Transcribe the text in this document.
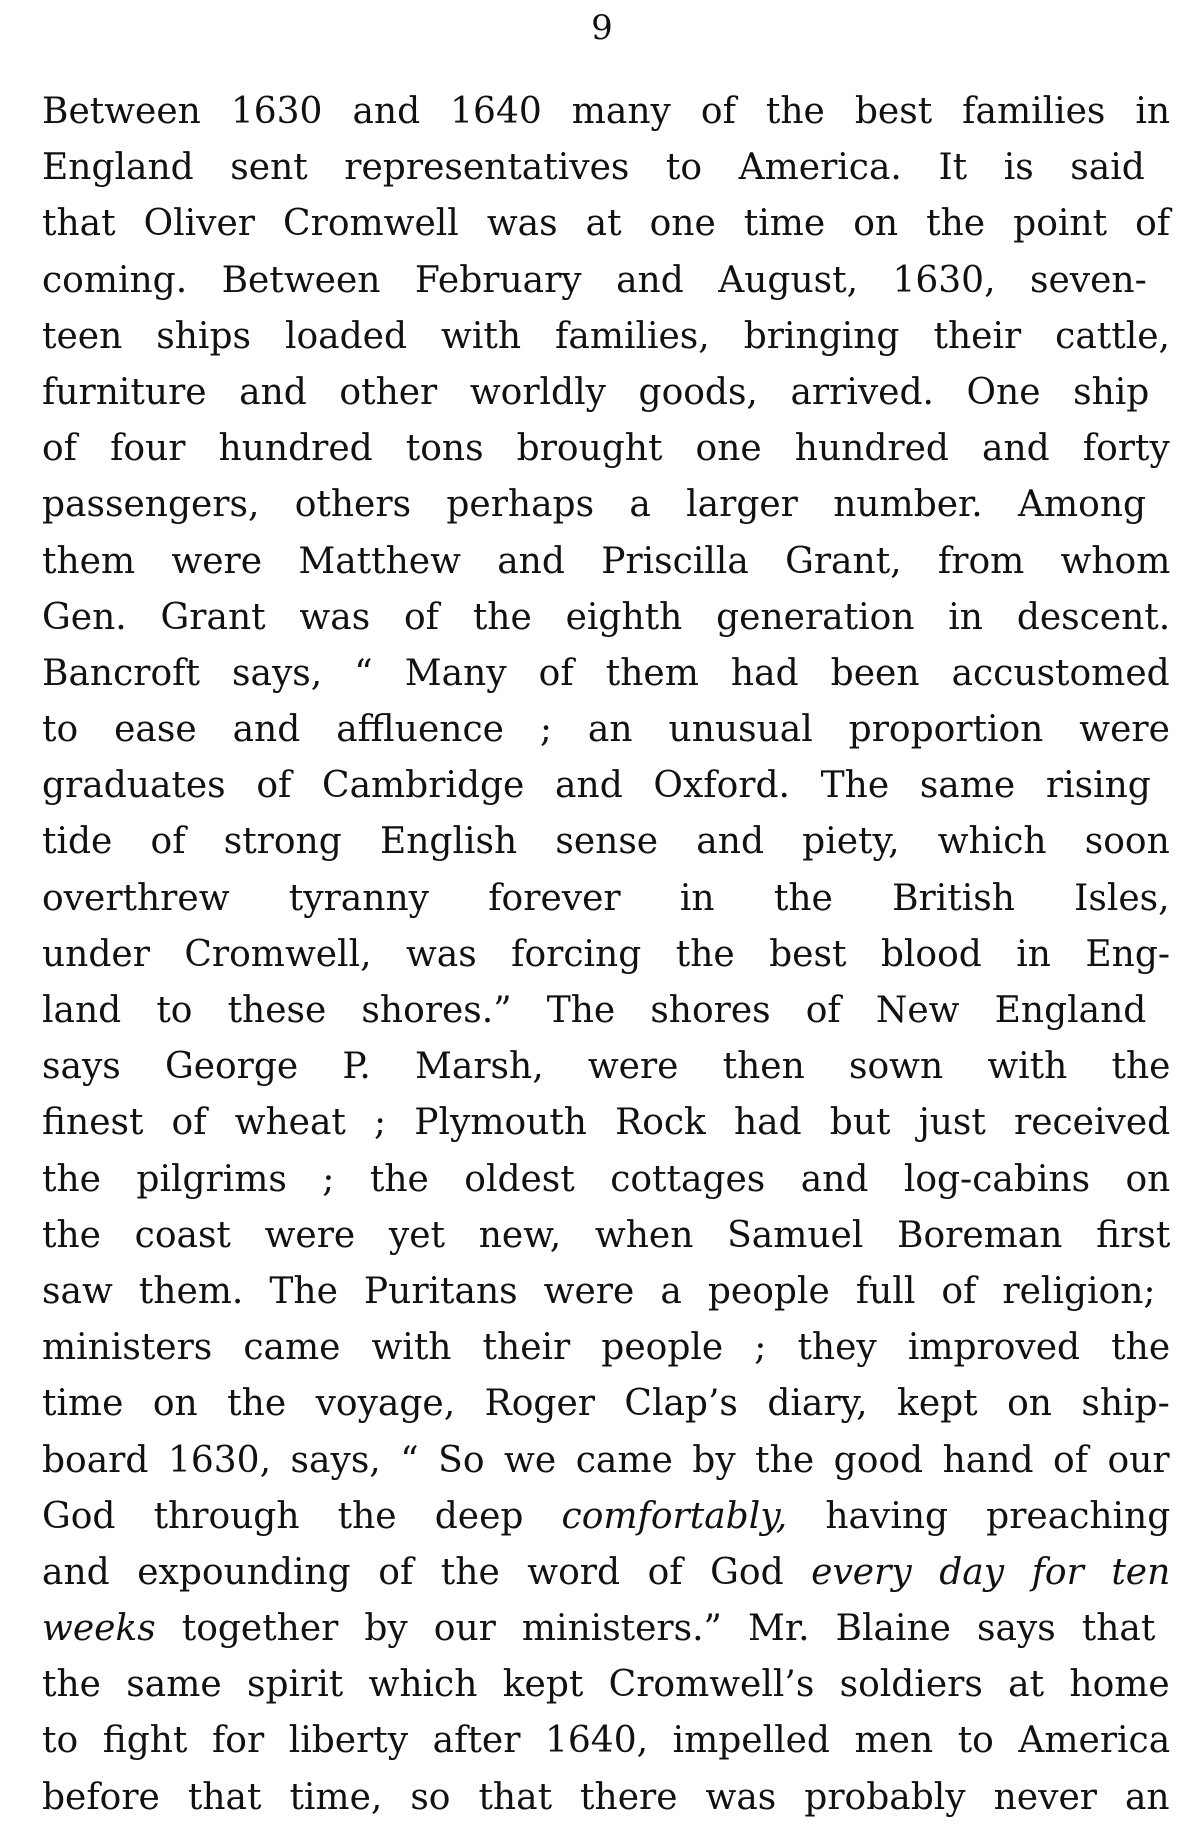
9
Between 1630 and 1640 many of the best families in
England sent representatives to America. It is said
that Oliver Cromwell was at one time on the point of
coming. Between February and August, 1630, seven-
teen ships loaded with families, bringing their cattle,
furniture and other worldly goods, arrived. One ship
of four hundred tons brought one hundred and forty
passengers, others perhaps a larger number. Among
them were Matthew and Priscilla Grant, from whom
Gen. Grant was of the eighth generation in descent.
Bancroft says, “ Many of them had been accustomed
to ease and affluence ; an unusual proportion were
graduates of Cambridge and Oxford. The same rising
tide of strong English sense and piety, which soon
overthrew tyranny forever in the British Isles,
under Cromwell, was forcing the best blood in Eng-
land to these shores.” The shores of New England
says George P. Marsh, were then sown with the
finest of wheat ; Plymouth Rock had but just received
the pilgrims ; the oldest cottages and log-cabins on
the coast were yet new, when Samuel Boreman first
saw them. The Puritans were a people full of religion;
ministers came with their people ; they improved the
time on the voyage, Roger Clap’s diary, kept on ship-
board 1630, says, “ So we came by the good hand of our
God through the deep comfortably, having preaching
and expounding of the word of God every day for ten
weeks together by our ministers.” Mr. Blaine says that
the same spirit which kept Cromwell’s soldiers at home
to fight for liberty after 1640, impelled men to America
before that time, so that there was probably never an
